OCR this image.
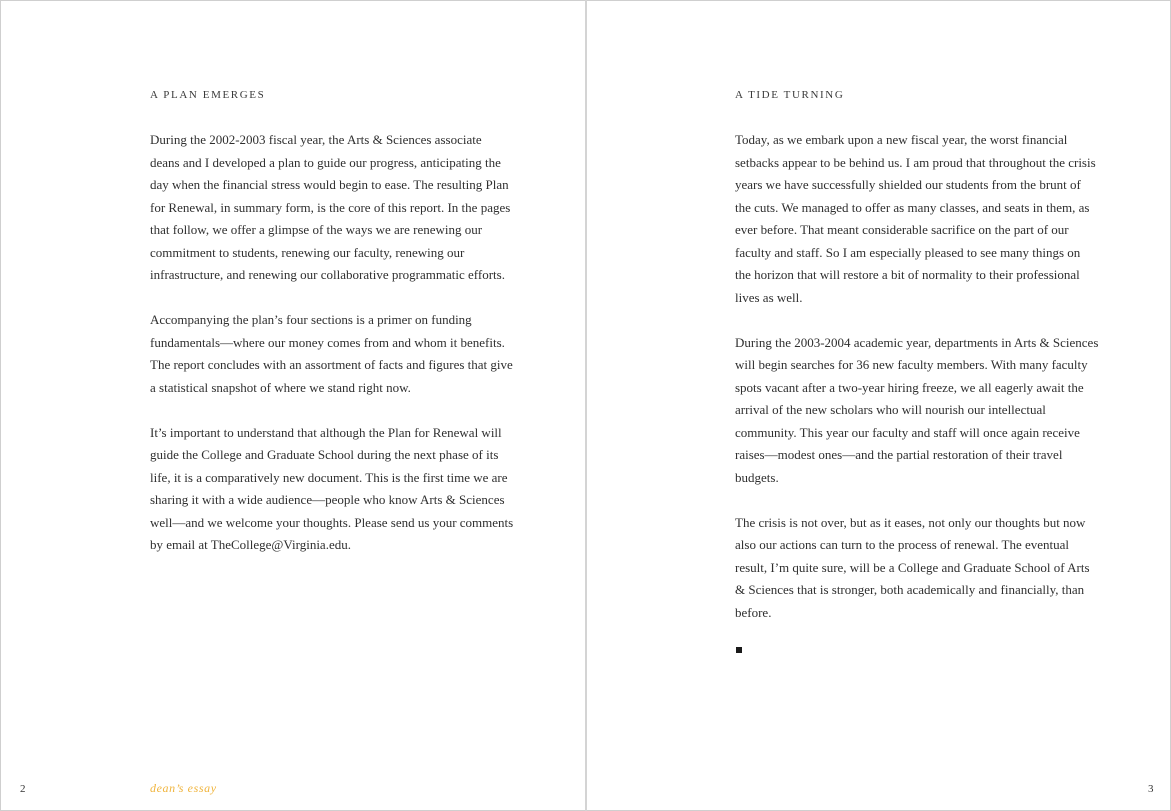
A PLAN EMERGES

During the 2002-2003 fiscal year, the Arts & Sciences associate deans and I developed a plan to guide our progress, anticipating the day when the financial stress would begin to ease. The resulting Plan for Renewal, in summary form, is the core of this report. In the pages that follow, we offer a glimpse of the ways we are renewing our commitment to students, renewing our faculty, renewing our infrastructure, and renewing our collaborative programmatic efforts.

Accompanying the plan’s four sections is a primer on funding fundamentals—where our money comes from and whom it benefits. The report concludes with an assortment of facts and figures that give a statistical snapshot of where we stand right now.

It’s important to understand that although the Plan for Renewal will guide the College and Graduate School during the next phase of its life, it is a comparatively new document. This is the first time we are sharing it with a wide audience—people who know Arts & Sciences well—and we welcome your thoughts. Please send us your comments by email at TheCollege@Virginia.edu.

2	dean’s essay
A TIDE TURNING

Today, as we embark upon a new fiscal year, the worst financial setbacks appear to be behind us. I am proud that throughout the crisis years we have successfully shielded our students from the brunt of the cuts. We managed to offer as many classes, and seats in them, as ever before. That meant considerable sacrifice on the part of our faculty and staff. So I am especially pleased to see many things on the horizon that will restore a bit of normality to their professional lives as well.

During the 2003-2004 academic year, departments in Arts & Sciences will begin searches for 36 new faculty members. With many faculty spots vacant after a two-year hiring freeze, we all eagerly await the arrival of the new scholars who will nourish our intellectual community. This year our faculty and staff will once again receive raises—modest ones—and the partial restoration of their travel budgets.

The crisis is not over, but as it eases, not only our thoughts but now also our actions can turn to the process of renewal. The eventual result, I’m quite sure, will be a College and Graduate School of Arts & Sciences that is stronger, both academically and financially, than before.

3
